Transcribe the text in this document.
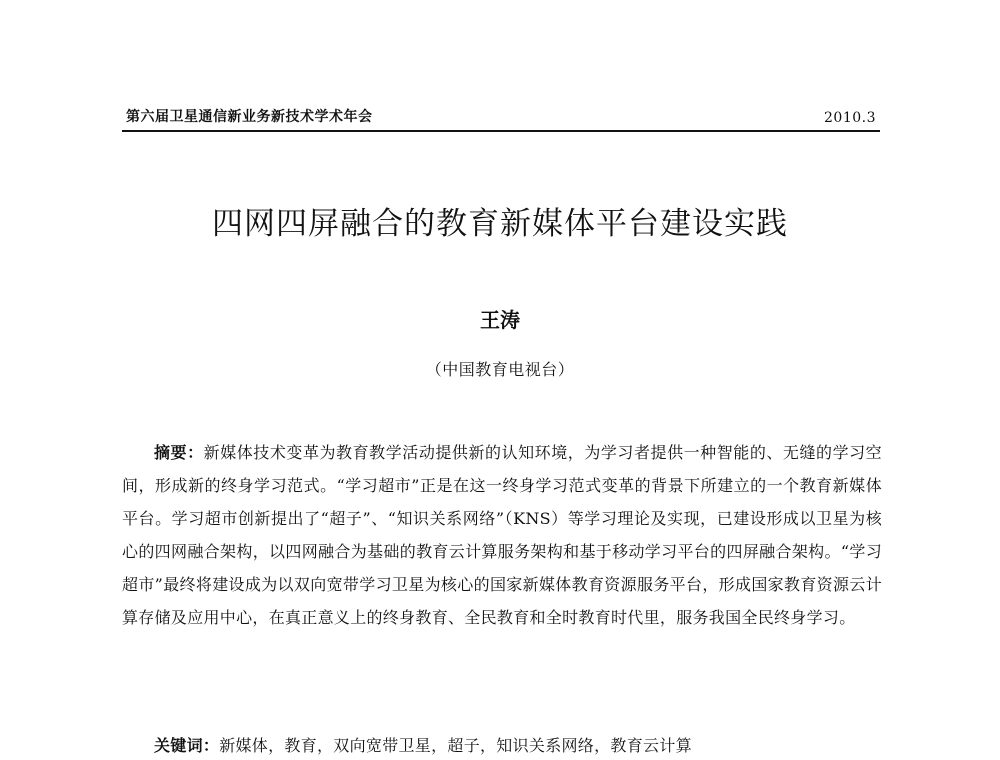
第六届卫星通信新业务新技术学术年会	2010.3
四网四屏融合的教育新媒体平台建设实践
王涛
（中国教育电视台）

摘要：新媒体技术变革为教育教学活动提供新的认知环境，为学习者提供一种智能的、无缝的学习空间，形成新的终身学习范式。“学习超市”正是在这一终身学习范式变革的背景下所建立的一个教育新媒体平台。学习超市创新提出了“超子”、“知识关系网络”（KNS）等学习理论及实现，已建设形成以卫星为核心的四网融合架构，以四网融合为基础的教育云计算服务架构和基于移动学习平台的四屏融合架构。“学习超市”最终将建设成为以双向宽带学习卫星为核心的国家新媒体教育资源服务平台，形成国家教育资源云计算存储及应用中心，在真正意义上的终身教育、全民教育和全时教育时代里，服务我国全民终身学习。

关键词：新媒体，教育，双向宽带卫星，超子，知识关系网络，教育云计算
